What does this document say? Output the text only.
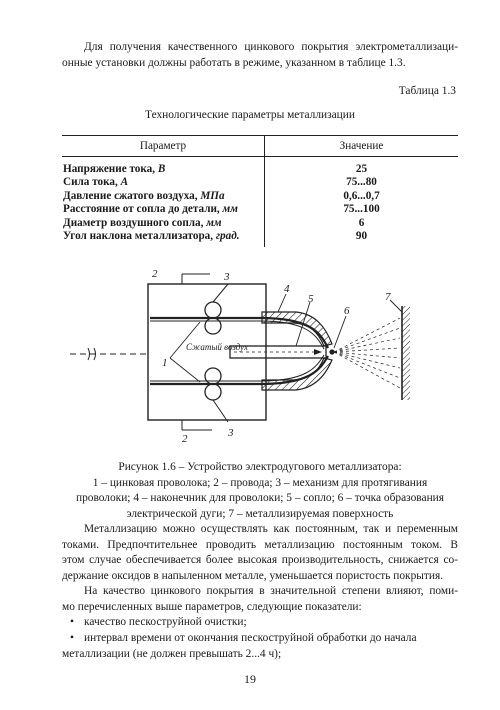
Для получения качественного цинкового покрытия электрометаллизаци-
онные установки должны работать в режиме, указанном в таблице 1.3.
Таблица 1.3
Технологические параметры металлизации
Параметр	Значение
Напряжение тока, В	25
Сила тока, А	75...80
Давление сжатого воздуха, МПа	0,6...0,7
Расстояние от сопла до детали, мм	75...100
Диаметр воздушного сопла, мм	6
Угол наклона металлизатора, град.	90
1
2
2
3
3
4
5
6
7
Сжатый воздух
Рисунок 1.6 – Устройство электродугового металлизатора:
1 – цинковая проволока; 2 – провода; 3 – механизм для протягивания
проволоки; 4 – наконечник для проволоки; 5 – сопло; 6 – точка образования
электрической дуги; 7 – металлизируемая поверхность
Металлизацию можно осуществлять как постоянным, так и переменным
токами. Предпочтительнее проводить металлизацию постоянным током. В
этом случае обеспечивается более высокая производительность, снижается со-
держание оксидов в напыленном металле, уменьшается пористость покрытия.
На качество цинкового покрытия в значительной степени влияют, поми-
мо перечисленных выше параметров, следующие показатели:
• качество пескоструйной очистки;
• интервал времени от окончания пескоструйной обработки до начала
металлизации (не должен превышать 2...4 ч);
19
